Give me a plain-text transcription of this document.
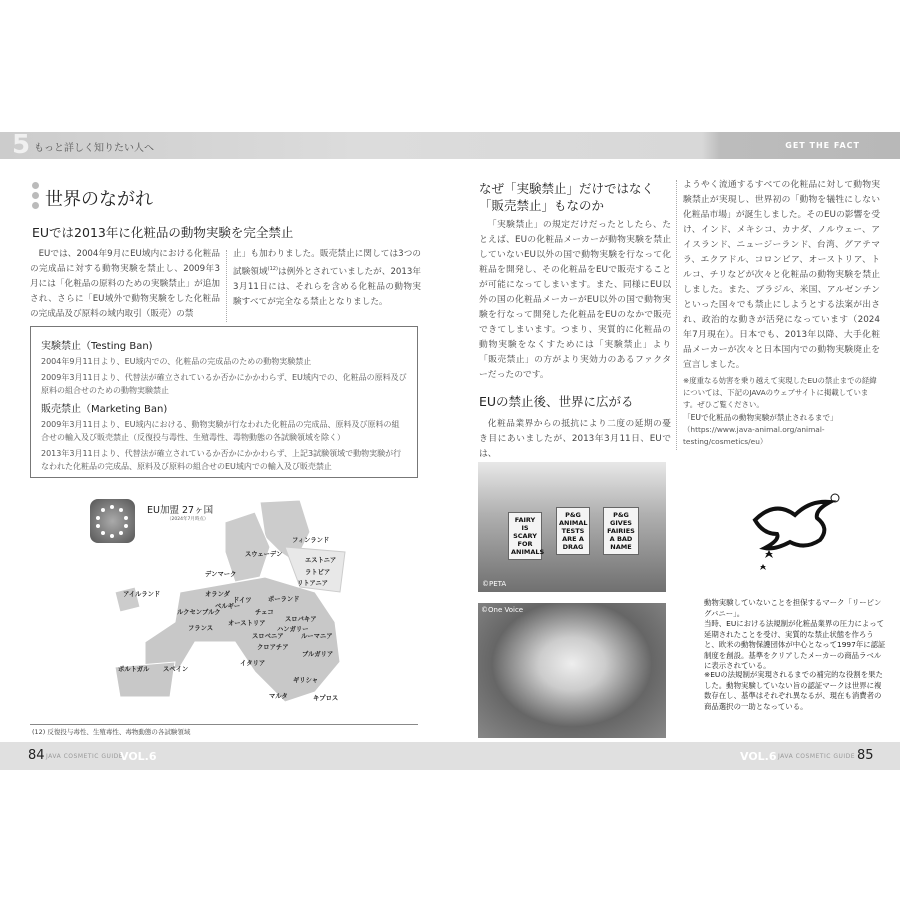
5 もっと詳しく知りたい人へ	GET THE FACT
世界のながれ
EUでは2013年に化粧品の動物実験を完全禁止

EUでは、2004年9月にEU域内における化粧品の完成品に対する動物実験を禁止し、2009年3月には「化粧品の原料のための実験禁止」が追加され、さらに「EU域外で動物実験をした化粧品の完成品及び原料の域内取引（販売）の禁

止」も加わりました。販売禁止に関しては3つの試験領域$^{(12)}$は例外とされていましたが、2013年3月11日には、それらを含める化粧品の動物実験すべてが完全なる禁止となりました。

実験禁止（Testing Ban)
2004年9月11日より、EU域内での、化粧品の完成品のための動物実験禁止
2009年3月11日より、代替法が確立されているか否かにかかわらず、EU域内での、化粧品の原料及び原料の組合せのための動物実験禁止
販売禁止（Marketing Ban)
2009年3月11日より、EU域内における、動物実験が行なわれた化粧品の完成品、原料及び原料の組合せの輸入及び販売禁止（反復投与毒性、生殖毒性、毒物動態の各試験領域を除く）
2013年3月11日より、代替法が確立されているか否かにかかわらず、上記3試験領域で動物実験が行なわれた化粧品の完成品、原料及び原料の組合せのEU域内での輸入及び販売禁止
EU加盟 27ヶ国
（2024年7月時点）
フィンランド
スウェーデン
エストニア
ラトビア
リトアニア
デンマーク
アイルランド	オランダ
ドイツ	ポーランド
ベルギー
ルクセンブルク	チェコ
スロバキア
オーストリア
ハンガリー
フランス
スロベニア	ルーマニア
クロアチア
ブルガリア
ポルトガル スペイン
イタリア
ギリシャ
マルタ	キプロス
(12) 反復投与毒性、生殖毒性、毒物動態の各試験領域
なぜ「実験禁止」だけではなく「販売禁止」もなのか

「実験禁止」の規定だけだったとしたら、たとえば、EUの化粧品メーカーが動物実験を禁止していないEU以外の国で動物実験を行なって化粧品を開発し、その化粧品をEUで販売することが可能になってしまいます。また、同様にEU以外の国の化粧品メーカーがEU以外の国で動物実験を行なって開発した化粧品をEUのなかで販売できてしまいます。つまり、実質的に化粧品の動物実験をなくすためには「実験禁止」より「販売禁止」の方がより実効力のあるファクターだったのです。

EUの禁止後、世界に広がる

化粧品業界からの抵抗により二度の延期の憂き目にあいましたが、2013年3月11日、EUでは、

ようやく流通するすべての化粧品に対して動物実験禁止が実現し、世界初の「動物を犠牲にしない化粧品市場」が誕生しました。そのEUの影響を受け、インド、メキシコ、カナダ、ノルウェー、アイスランド、ニュージーランド、台湾、グアテマラ、エクアドル、コロンビア、オーストリア、トルコ、チリなどが次々と化粧品の動物実験を禁止しました。また、ブラジル、米国、アルゼンチンといった国々でも禁止にしようとする法案が出され、政治的な動きが活発になっています（2024 年7月現在）。日本でも、2013年以降、大手化粧品メーカーが次々と日本国内での動物実験廃止を宣言しました。

※度重なる妨害を乗り越えて実現したEUの禁止までの経緯については、下記のJAVAのウェブサイトに掲載しています。ぜひご覧ください。

「EUで化粧品の動物実験が禁止されるまで」
（https://www.java-animal.org/animal-testing/cosmetics/eu）
FAIRY IS SCARY FOR ANIMALS
P&G ANIMAL TESTS ARE A DRAG
P&G GIVES FAIRIES A BAD NAME
©PETA
©One Voice

動物実験していないことを担保するマーク「リーピングバニー」。

当時、EUにおける法規制が化粧品業界の圧力によって延期されたことを受け、実質的な禁止状態を作ろうと、欧米の動物保護団体が中心となって1997年に認証制度を創設。基準をクリアしたメーカーの商品ラベルに表示されている。

※EUの法規制が実現されるまでの補完的な役割を果たした。動物実験していない旨の認証マークは世界に複数存在し、基準はそれぞれ異なるが、現在も消費者の商品選択の一助となっている。

84 JAVA COSMETIC GUIDE
VOL.6	VOL.6 JAVA COSMETIC GUIDE 85
